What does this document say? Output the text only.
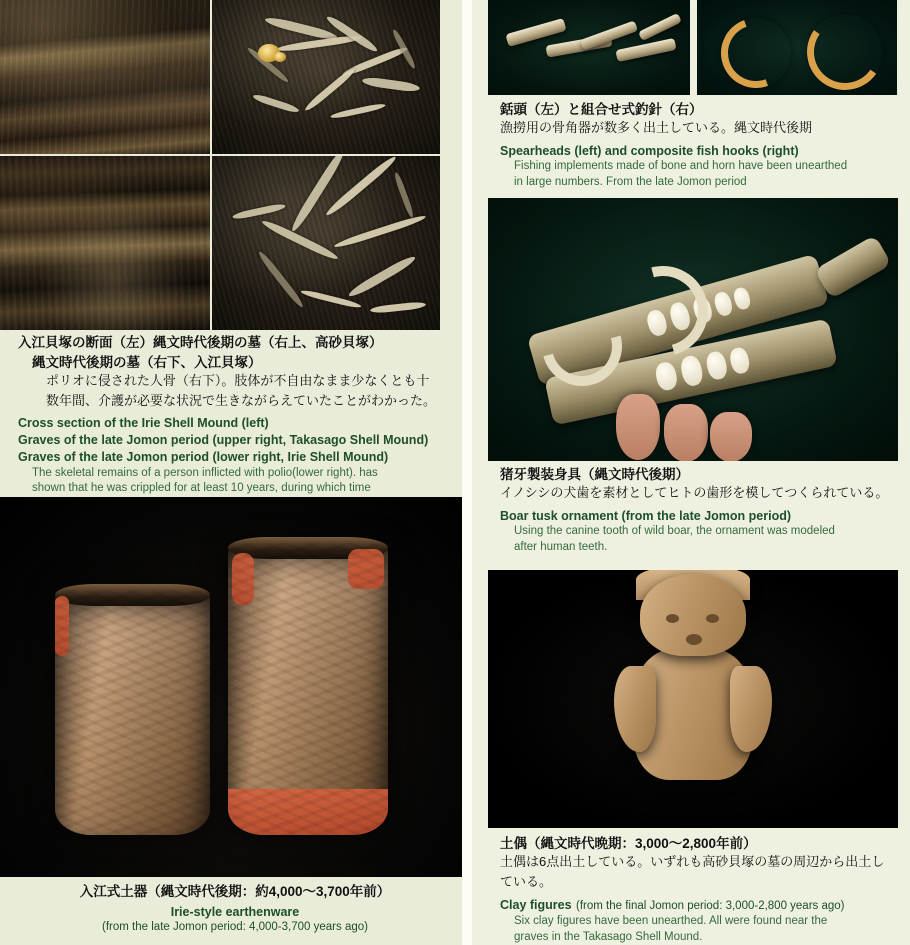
入江貝塚の断面（左）縄文時代後期の墓（右上、高砂貝塚）
縄文時代後期の墓（右下、入江貝塚）
ポリオに侵された人骨（右下）。肢体が不自由なまま少なくとも十
数年間、介護が必要な状況で生きながらえていたことがわかった。
Cross section of the Irie Shell Mound (left)
Graves of the late Jomon period (upper right, Takasago Shell Mound)
Graves of the late Jomon period (lower right, Irie Shell Mound)
The skeletal remains of a person inflicted with polio(lower right). has
shown that he was crippled for at least 10 years, during which time
入江式土器（縄文時代後期：約4,000〜3,700年前）
Irie-style earthenware
(from the late Jomon period: 4,000-3,700 years ago)
銛頭（左）と組合せ式釣針（右）
漁撈用の骨角器が数多く出土している。縄文時代後期
Spearheads (left) and composite fish hooks (right)
Fishing implements made of bone and horn have been unearthed
in large numbers. From the late Jomon period
猪牙製装身具（縄文時代後期）
イノシシの犬歯を素材としてヒトの歯形を模してつくられている。
Boar tusk ornament (from the late Jomon period)
Using the canine tooth of wild boar, the ornament was modeled
after human teeth.
土偶（縄文時代晩期：3,000〜2,800年前）
土偶は6点出土している。いずれも高砂貝塚の墓の周辺から出土し
ている。
Clay figures (from the final Jomon period: 3,000-2,800 years ago)
Six clay figures have been unearthed. All were found near the
graves in the Takasago Shell Mound.
